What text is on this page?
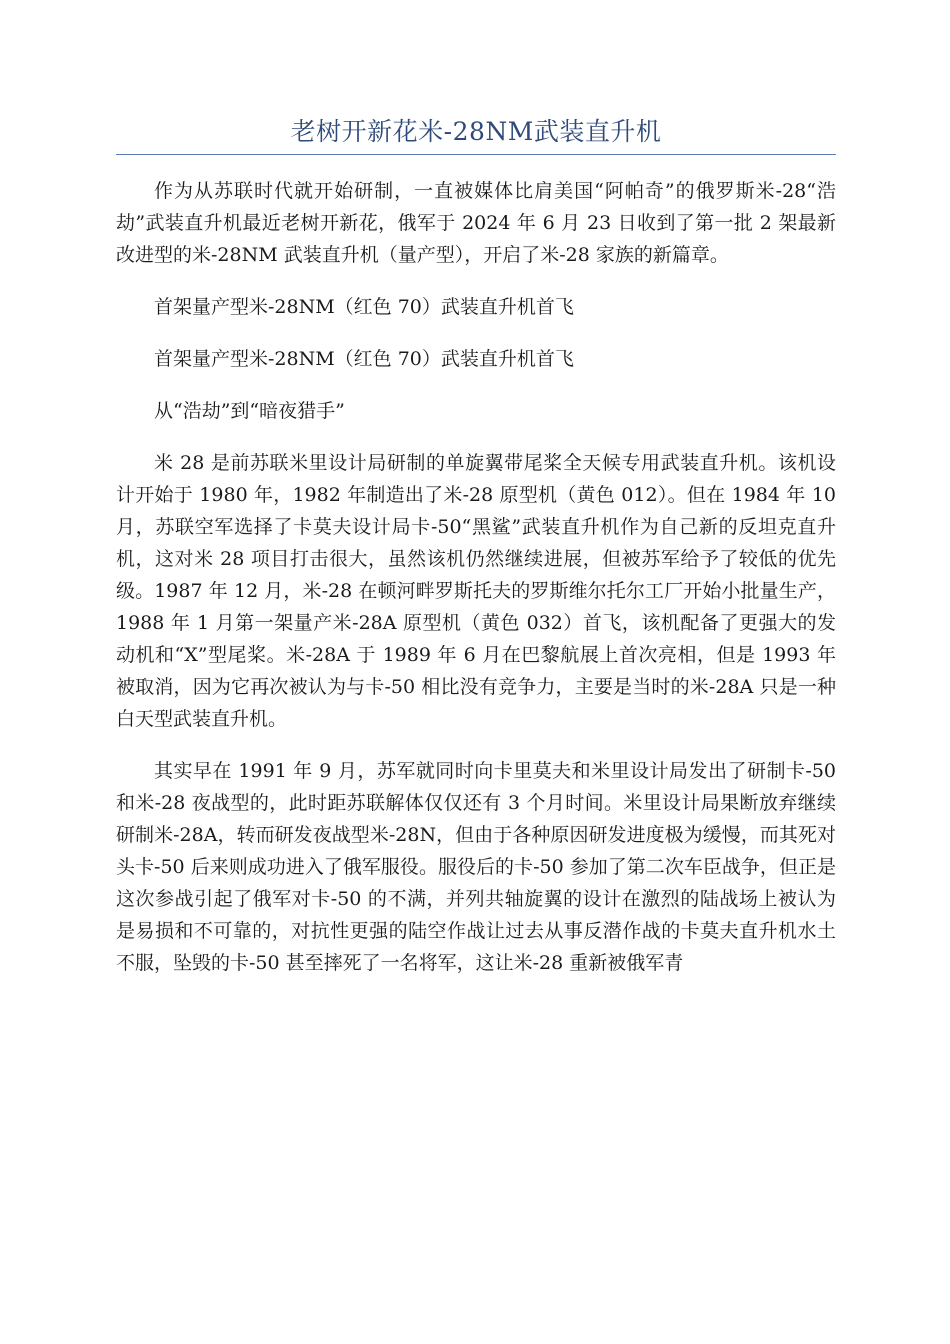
老树开新花米-28NM武装直升机

作为从苏联时代就开始研制，一直被媒体比肩美国“阿帕奇”的俄罗斯米-28“浩劫”武装直升机最近老树开新花，俄军于 2024 年 6 月 23 日收到了第一批 2 架最新改进型的米-28NM 武装直升机（量产型），开启了米-28 家族的新篇章。

首架量产型米-28NM（红色 70）武装直升机首飞

首架量产型米-28NM（红色 70）武装直升机首飞

从“浩劫”到“暗夜猎手”

米 28 是前苏联米里设计局研制的单旋翼带尾桨全天候专用武装直升机。该机设计开始于 1980 年，1982 年制造出了米-28 原型机（黄色 012）。但在 1984 年 10 月，苏联空军选择了卡莫夫设计局卡-50“黑鲨”武装直升机作为自己新的反坦克直升机，这对米 28 项目打击很大，虽然该机仍然继续进展，但被苏军给予了较低的优先级。1987 年 12 月，米-28 在顿河畔罗斯托夫的罗斯维尔托尔工厂开始小批量生产，1988 年 1 月第一架量产米-28A 原型机（黄色 032）首飞，该机配备了更强大的发动机和“X”型尾桨。米-28A 于 1989 年 6 月在巴黎航展上首次亮相，但是 1993 年被取消，因为它再次被认为与卡-50 相比没有竞争力，主要是当时的米-28A 只是一种白天型武装直升机。

其实早在 1991 年 9 月，苏军就同时向卡里莫夫和米里设计局发出了研制卡-50 和米-28 夜战型的，此时距苏联解体仅仅还有 3 个月时间。米里设计局果断放弃继续研制米-28A，转而研发夜战型米-28N，但由于各种原因研发进度极为缓慢，而其死对头卡-50 后来则成功进入了俄军服役。服役后的卡-50 参加了第二次车臣战争，但正是这次参战引起了俄军对卡-50 的不满，并列共轴旋翼的设计在激烈的陆战场上被认为是易损和不可靠的，对抗性更强的陆空作战让过去从事反潜作战的卡莫夫直升机水土不服，坠毁的卡-50 甚至摔死了一名将军，这让米-28 重新被俄军青
